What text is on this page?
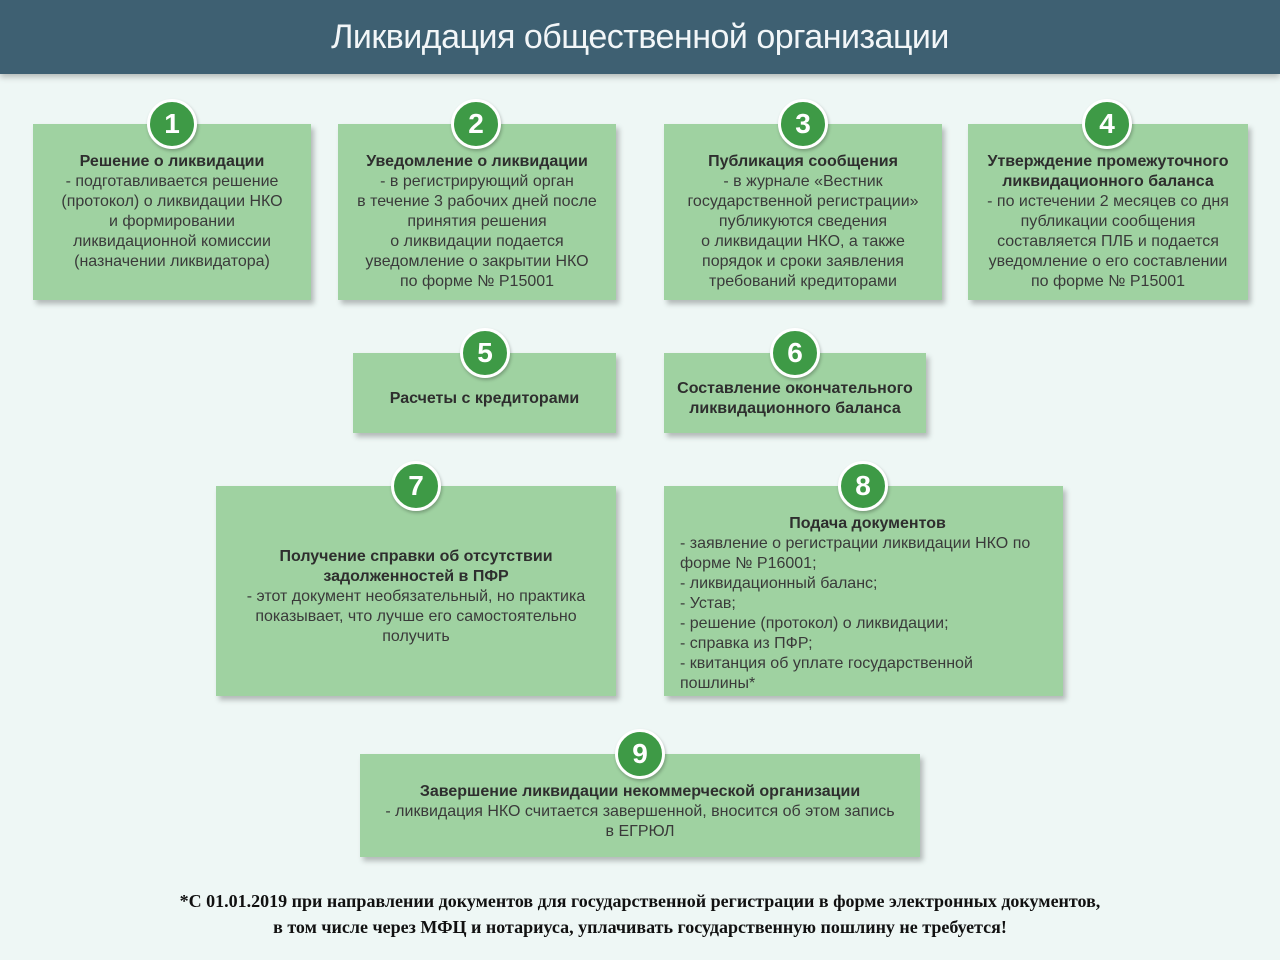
Ликвидация общественной организации
Решение о ликвидации
- подготавливается решение
(протокол) о ликвидации НКО
и формировании
ликвидационной комиссии
(назначении ликвидатора)
1
Уведомление о ликвидации
- в регистрирующий орган
в течение 3 рабочих дней после
принятия решения
о ликвидации подается
уведомление о закрытии НКО
по форме № Р15001
2
Публикация сообщения
- в журнале «Вестник
государственной регистрации»
публикуются сведения
о ликвидации НКО, а также
порядок и сроки заявления
требований кредиторами
3
Утверждение промежуточного
ликвидационного баланса
- по истечении 2 месяцев со дня
публикации сообщения
составляется ПЛБ и подается
уведомление о его составлении
по форме № Р15001
4
Расчеты с кредиторами
5
Составление окончательного
ликвидационного баланса
6
Получение справки об отсутствии
задолженностей в ПФР
- этот документ необязательный, но практика
показывает, что лучше его самостоятельно
получить
7
Подача документов
- заявление о регистрации ликвидации НКО по
форме № Р16001;
- ликвидационный баланс;
- Устав;
- решение (протокол) о ликвидации;
- справка из ПФР;
- квитанция об уплате государственной
пошлины*
8
Завершение ликвидации некоммерческой организации
- ликвидация НКО считается завершенной, вносится об этом запись
в ЕГРЮЛ
9
*С 01.01.2019 при направлении документов для государственной регистрации в форме электронных документов,
в том числе через МФЦ и нотариуса, уплачивать государственную пошлину не требуется!
